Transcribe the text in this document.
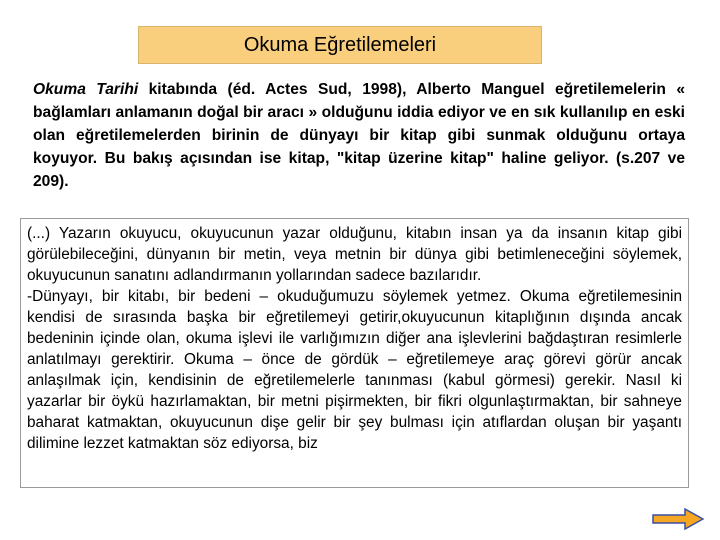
Okuma Eğretilemeleri
Okuma Tarihi kitabında (éd. Actes Sud, 1998), Alberto Manguel eğretilemelerin « bağlamları anlamanın doğal bir aracı » olduğunu iddia ediyor ve en sık kullanılıp en eski olan eğretilemelerden birinin de dünyayı bir kitap gibi sunmak olduğunu ortaya koyuyor. Bu bakış açısından ise kitap, "kitap üzerine kitap" haline geliyor. (s.207 ve 209).

(...) Yazarın okuyucu, okuyucunun yazar olduğunu, kitabın insan ya da insanın kitap gibi görülebileceğini, dünyanın bir metin, veya metnin bir dünya gibi betimleneceğini söylemek, okuyucunun sanatını adlandırmanın yollarından sadece bazılarıdır.

-Dünyayı, bir kitabı, bir bedeni – okuduğumuzu söylemek yetmez. Okuma eğretilemesinin kendisi de sırasında başka bir eğretilemeyi getirir,okuyucunun kitaplığının dışında ancak bedeninin içinde olan, okuma işlevi ile varlığımızın diğer ana işlevlerini bağdaştıran resimlerle anlatılmayı gerektirir. Okuma – önce de gördük – eğretilemeye araç görevi görür ancak anlaşılmak için, kendisinin de eğretilemelerle tanınması (kabul görmesi) gerekir. Nasıl ki yazarlar bir öykü hazırlamaktan, bir metni pişirmekten, bir fikri olgunlaştırmaktan, bir sahneye baharat katmaktan, okuyucunun dişe gelir bir şey bulması için atıflardan oluşan bir yaşantı dilimine lezzet katmaktan söz ediyorsa, biz
